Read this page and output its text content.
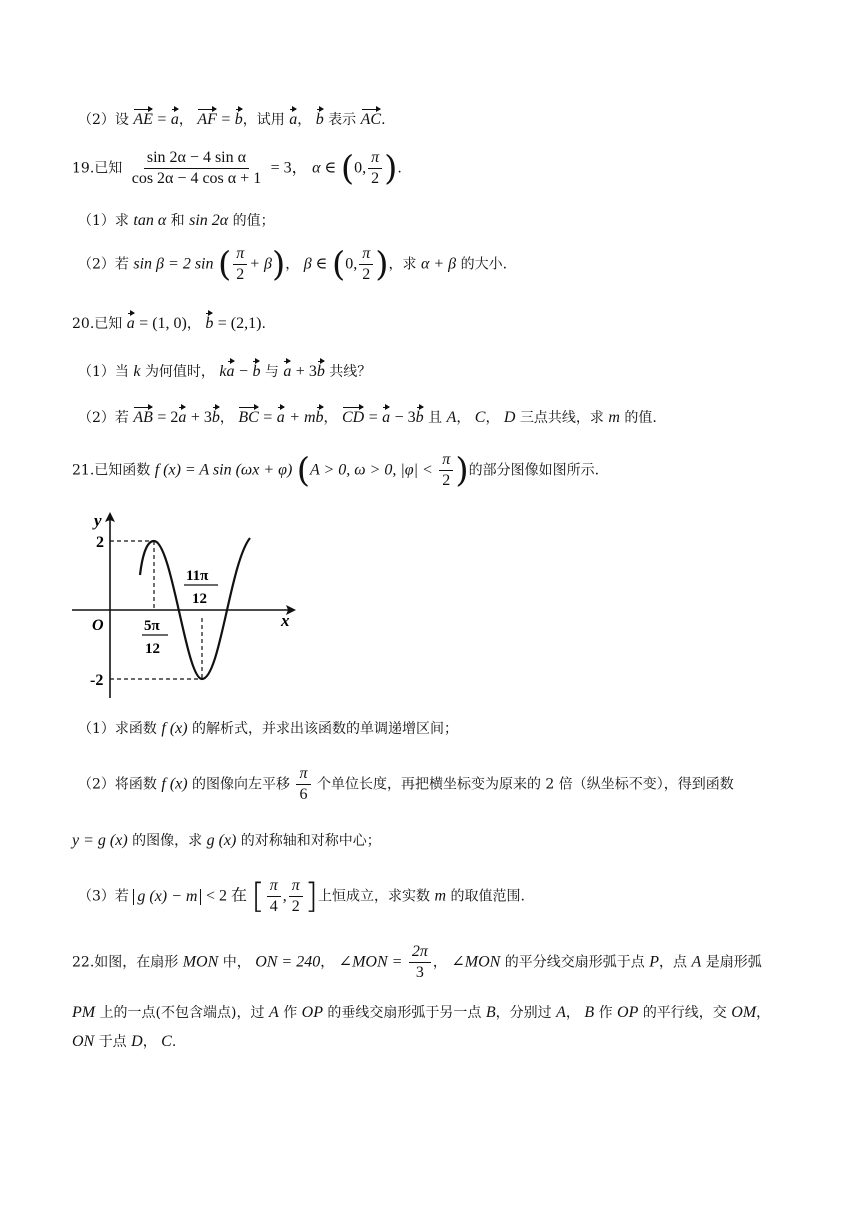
（2）设 AE = a， AF = b，试用 a， b 表示 AC.
19.已知 $\frac{\text{sin 2α − 4 sin α}}{\text{cos 2α − 4 cos α + 1}} = 3$， α ∈ (0, $\frac{\pi}{2}$ ).
（1）求 tan α 和 sin 2α 的值；
（2）若 sin β = 2 sin ( $\frac{\pi}{2} + \beta$)， β ∈ (0, $\frac{\pi}{2}$ )，求 α + β 的大小.
20.已知 a = (1, 0)， b = (2,1).
（1）当 k 为何值时， ka − b 与 a + 3b 共线？
（2）若 AB = 2a + 3b， BC = a + mb， CD = a − 3b 且 A， C， D 三点共线，求 m 的值.
21.已知函数 f (x) = A sin (ωx + φ) (A > 0, ω > 0, $|\varphi| < \frac{\pi}{2}$ )的部分图像如图所示.
y
x
O
2
-2
5π
12
11π
12
（1）求函数 f (x) 的解析式，并求出该函数的单调递增区间；
（2）将函数 f (x) 的图像向左平移 $\frac{\pi}{6}$ 个单位长度，再把横坐标变为原来的 2 倍（纵坐标不变），得到函数
y = g (x) 的图像，求 g (x) 的对称轴和对称中心；
（3）若 g (x) − m < 2 在 [ $\frac{\pi}{4}$ , $\frac{\pi}{2}$ ]上恒成立，求实数 m 的取值范围.
22.如图，在扇形 MON 中， ON = 240， ∠MON = $\frac{2\pi}{3}$ ， ∠MON 的平分线交扇形弧于点 P，点 A 是扇形弧
PM 上的一点(不包含端点)，过 A 作 OP 的垂线交扇形弧于另一点 B，分别过 A， B 作 OP 的平行线，交 OM，
ON 于点 D， C.
